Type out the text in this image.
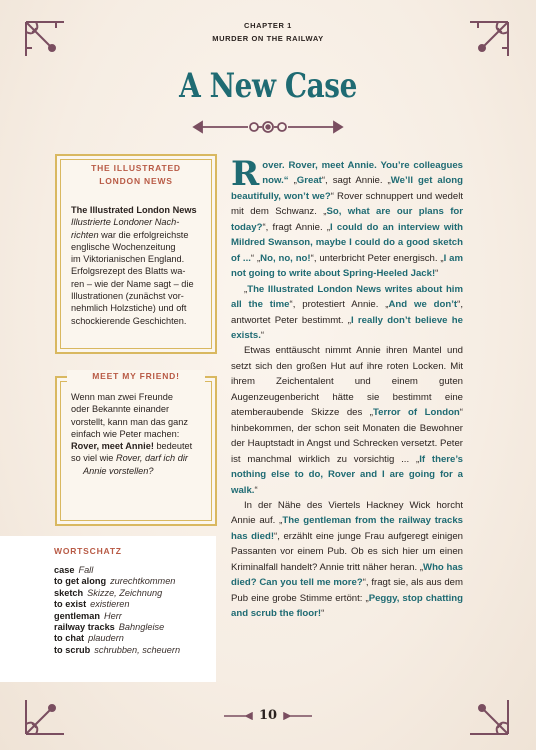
CHAPTER 1
MURDER ON THE RAILWAY
A New Case
THE ILLUSTRATED
LONDON NEWS
The Illustrated London News
Illustrierte Londoner Nach-
richten war die erfolgreichste
englische Wochenzeitung
im Viktorianischen England.
Erfolgsrezept des Blatts wa-
ren – wie der Name sagt – die
Illustrationen (zunächst vor-
nehmlich Holzstiche) und oft
schockierende Geschichten.
MEET MY FRIEND!
Wenn man zwei Freunde
oder Bekannte einander
vorstellt, kann man das ganz
einfach wie Peter machen:
Rover, meet Annie! bedeutet
so viel wie Rover, darf ich dir
Annie vorstellen?
WORTSCHATZ
case Fall
to get along zurechtkommen
sketch Skizze, Zeichnung
to exist existieren
gentleman Herr
railway tracks Bahngleise
to chat plaudern
to scrub schrubben, scheuern

Rover. Rover, meet Annie. You’re colleagues now.“ „Great“, sagt Annie. „We’ll get along beautifully, won’t we?“ Rover schnuppert und wedelt mit dem Schwanz. „So, what are our plans for today?“, fragt Annie. „I could do an interview with Mildred Swanson, maybe I could do a good sketch of ...“ „No, no, no!“, unterbricht Peter energisch. „I am not going to write about Spring-Heeled Jack!“

„The Illustrated London News writes about him all the time“, protestiert Annie. „And we don’t“, antwortet Peter bestimmt. „I really don’t believe he exists.“

Etwas enttäuscht nimmt Annie ihren Mantel und setzt sich den großen Hut auf ihre roten Locken. Mit ihrem Zeichentalent und einem guten Augenzeugenbericht hätte sie bestimmt eine atemberaubende Skizze des „Terror of London“ hinbekommen, der schon seit Monaten die Bewohner der Hauptstadt in Angst und Schrecken versetzt. Peter ist manchmal wirklich zu vorsichtig ... „If there’s nothing else to do, Rover and I are going for a walk.“

In der Nähe des Viertels Hackney Wick horcht Annie auf. „The gentleman from the railway tracks has died!“, erzählt eine junge Frau aufgeregt einigen Passanten vor einem Pub. Ob es sich hier um einen Kriminalfall handelt? Annie tritt näher heran. „Who has died? Can you tell me more?“, fragt sie, als aus dem Pub eine grobe Stimme ertönt: „Peggy, stop chatting and scrub the floor!“

10
